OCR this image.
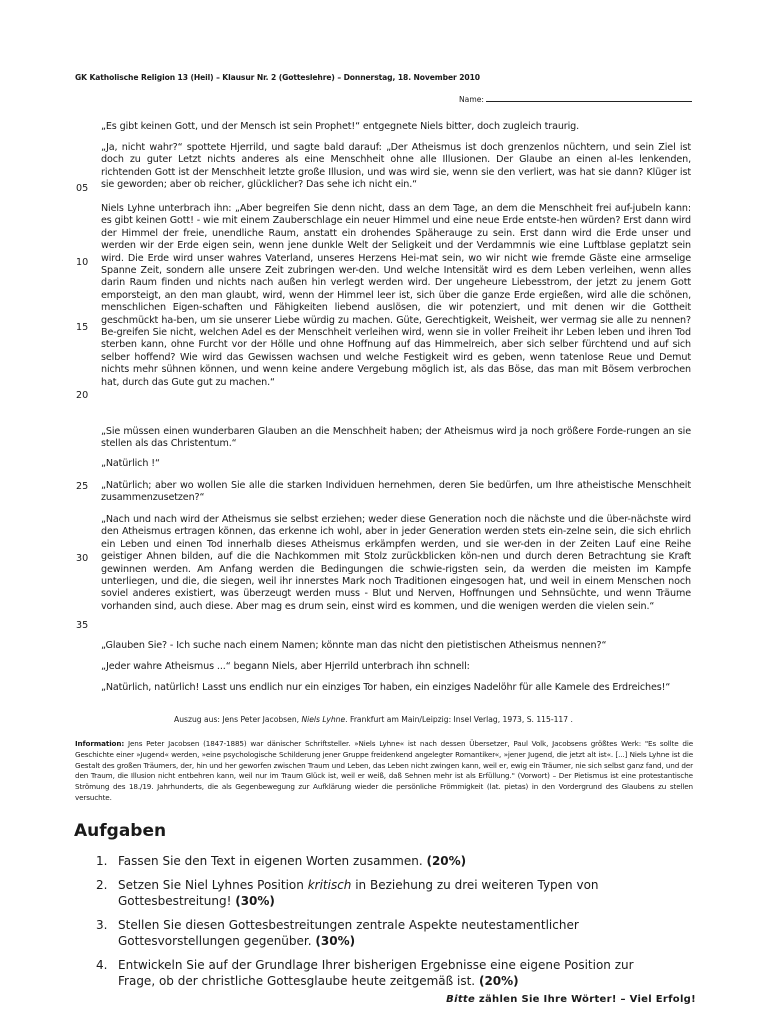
GK Katholische Religion 13 (Heil) – Klausur Nr. 2 (Gotteslehre) – Donnerstag, 18. November 2010
Name:

„Es gibt keinen Gott, und der Mensch ist sein Prophet!“ entgegnete Niels bitter, doch zugleich traurig.

„Ja, nicht wahr?“ spottete Hjerrild, und sagte bald darauf: „Der Atheismus ist doch grenzenlos nüchtern, und sein Ziel ist doch zu guter Letzt nichts anderes als eine Menschheit ohne alle Illusionen. Der Glaube an einen al-les lenkenden, richtenden Gott ist der Menschheit letzte große Illusion, und was wird sie, wenn sie den verliert, was hat sie dann? Klüger ist sie geworden; aber ob reicher, glücklicher? Das sehe ich nicht ein.“

Niels Lyhne unterbrach ihn: „Aber begreifen Sie denn nicht, dass an dem Tage, an dem die Menschheit frei auf-jubeln kann: es gibt keinen Gott! - wie mit einem Zauberschlage ein neuer Himmel und eine neue Erde entste-hen würden? Erst dann wird der Himmel der freie, unendliche Raum, anstatt ein drohendes Späherauge zu sein. Erst dann wird die Erde unser und werden wir der Erde eigen sein, wenn jene dunkle Welt der Seligkeit und der Verdammnis wie eine Luftblase geplatzt sein wird. Die Erde wird unser wahres Vaterland, unseres Herzens Hei-mat sein, wo wir nicht wie fremde Gäste eine armselige Spanne Zeit, sondern alle unsere Zeit zubringen wer-den. Und welche Intensität wird es dem Leben verleihen, wenn alles darin Raum finden und nichts nach außen hin verlegt werden wird. Der ungeheure Liebesstrom, der jetzt zu jenem Gott emporsteigt, an den man glaubt, wird, wenn der Himmel leer ist, sich über die ganze Erde ergießen, wird alle die schönen, menschlichen Eigen-schaften und Fähigkeiten liebend auslösen, die wir potenziert, und mit denen wir die Gottheit geschmückt ha-ben, um sie unserer Liebe würdig zu machen. Güte, Gerechtigkeit, Weisheit, wer vermag sie alle zu nennen? Be-greifen Sie nicht, welchen Adel es der Menschheit verleihen wird, wenn sie in voller Freiheit ihr Leben leben und ihren Tod sterben kann, ohne Furcht vor der Hölle und ohne Hoffnung auf das Himmelreich, aber sich selber fürchtend und auf sich selber hoffend? Wie wird das Gewissen wachsen und welche Festigkeit wird es geben, wenn tatenlose Reue und Demut nichts mehr sühnen können, und wenn keine andere Vergebung möglich ist, als das Böse, das man mit Bösem verbrochen hat, durch das Gute gut zu machen.“

„Sie müssen einen wunderbaren Glauben an die Menschheit haben; der Atheismus wird ja noch größere Forde-rungen an sie stellen als das Christentum.“

„Natürlich !“

„Natürlich; aber wo wollen Sie alle die starken Individuen hernehmen, deren Sie bedürfen, um Ihre atheistische Menschheit zusammenzusetzen?“

„Nach und nach wird der Atheismus sie selbst erziehen; weder diese Generation noch die nächste und die über-nächste wird den Atheismus ertragen können, das erkenne ich wohl, aber in jeder Generation werden stets ein-zelne sein, die sich ehrlich ein Leben und einen Tod innerhalb dieses Atheismus erkämpfen werden, und sie wer-den in der Zeiten Lauf eine Reihe geistiger Ahnen bilden, auf die die Nachkommen mit Stolz zurückblicken kön-nen und durch deren Betrachtung sie Kraft gewinnen werden. Am Anfang werden die Bedingungen die schwie-rigsten sein, da werden die meisten im Kampfe unterliegen, und die, die siegen, weil ihr innerstes Mark noch Traditionen eingesogen hat, und weil in einem Menschen noch soviel anderes existiert, was überzeugt werden muss - Blut und Nerven, Hoffnungen und Sehnsüchte, und wenn Träume vorhanden sind, auch diese. Aber mag es drum sein, einst wird es kommen, und die wenigen werden die vielen sein.“

„Glauben Sie? - Ich suche nach einem Namen; könnte man das nicht den pietistischen Atheismus nennen?“

„Jeder wahre Atheismus ...“ begann Niels, aber Hjerrild unterbrach ihn schnell:

„Natürlich, natürlich! Lasst uns endlich nur ein einziges Tor haben, ein einziges Nadelöhr für alle Kamele des Erdreiches!“

05
10
15
20
25
30
35
Auszug aus: Jens Peter Jacobsen, Niels Lyhne. Frankfurt am Main/Leipzig: Insel Verlag, 1973, S. 115-117 .
Information: Jens Peter Jacobsen (1847-1885) war dänischer Schriftsteller. »Niels Lyhne« ist nach dessen Übersetzer, Paul Volk, Jacobsens größtes Werk: "Es sollte die Geschichte einer »Jugend« werden, »eine psychologische Schilderung jener Gruppe freidenkend angelegter Romantiker«, »jener Jugend, die jetzt alt ist«. [...] Niels Lyhne ist die Gestalt des großen Träumers, der, hin und her geworfen zwischen Traum und Leben, das Leben nicht zwingen kann, weil er, ewig ein Träumer, nie sich selbst ganz fand, und der den Traum, die Illusion nicht entbehren kann, weil nur im Traum Glück ist, weil er weiß, daß Sehnen mehr ist als Erfüllung." (Vorwort) – Der Pietismus ist eine protestantische Strömung des 18./19. Jahrhunderts, die als Gegenbewegung zur Aufklärung wieder die persönliche Frömmigkeit (lat. pietas) in den Vordergrund des Glaubens zu stellen versuchte.
Aufgaben
1. Fassen Sie den Text in eigenen Worten zusammen. (20%)
2. Setzen Sie Niel Lyhnes Position kritisch in Beziehung zu drei weiteren Typen von Gottesbestreitung! (30%)
3. Stellen Sie diesen Gottesbestreitungen zentrale Aspekte neutestamentlicher Gottesvorstellungen gegenüber. (30%)
4. Entwickeln Sie auf der Grundlage Ihrer bisherigen Ergebnisse eine eigene Position zur Frage, ob der christliche Gottesglaube heute zeitgemäß ist. (20%)
Bitte zählen Sie Ihre Wörter! – Viel Erfolg!
